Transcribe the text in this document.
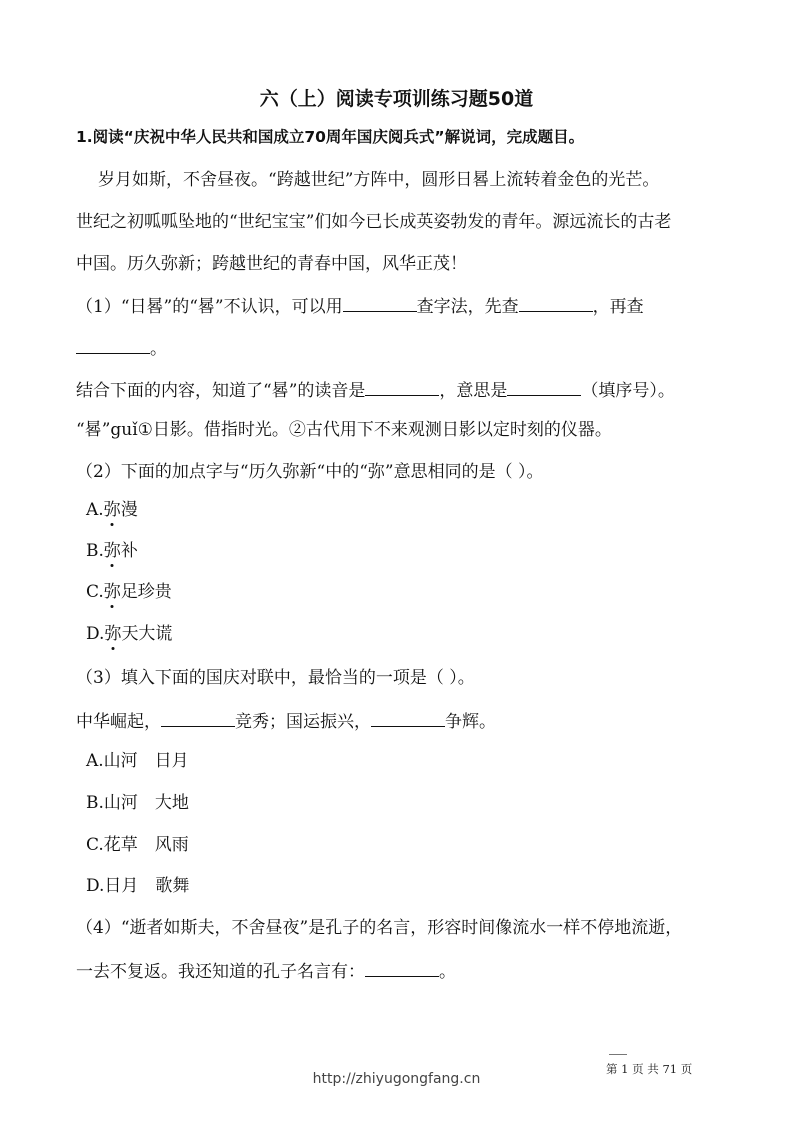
六（上）阅读专项训练习题50道
1.阅读“庆祝中华人民共和国成立70周年国庆阅兵式”解说词，完成题目。
岁月如斯，不舍昼夜。“跨越世纪”方阵中，圆形日晷上流转着金色的光芒。
世纪之初呱呱坠地的“世纪宝宝”们如今已长成英姿勃发的青年。源远流长的古老
中国。历久弥新；跨越世纪的青春中国，风华正茂！
（1）“日晷”的“晷”不认识，可以用	查字法，先查	，再查
。
结合下面的内容，知道了“晷”的读音是	，意思是	（填序号）。
“晷”guǐ①日影。借指时光。②古代用下不来观测日影以定时刻的仪器。
（2）下面的加点字与“历久弥新“中的“弥”意思相同的是（ ）。
A.弥漫
B.弥补
C.弥足珍贵
D.弥天大谎
（3）填入下面的国庆对联中，最恰当的一项是（ ）。
中华崛起，	竞秀；国运振兴，	争辉。
A.山河　日月
B.山河　大地
C.花草　风雨
D.日月　歌舞
（4）“逝者如斯夫，不舍昼夜”是孔子的名言，形容时间像流水一样不停地流逝，
一去不复返。我还知道的孔子名言有：	。
第 1 页 共 71 页
http://zhiyugongfang.cn
